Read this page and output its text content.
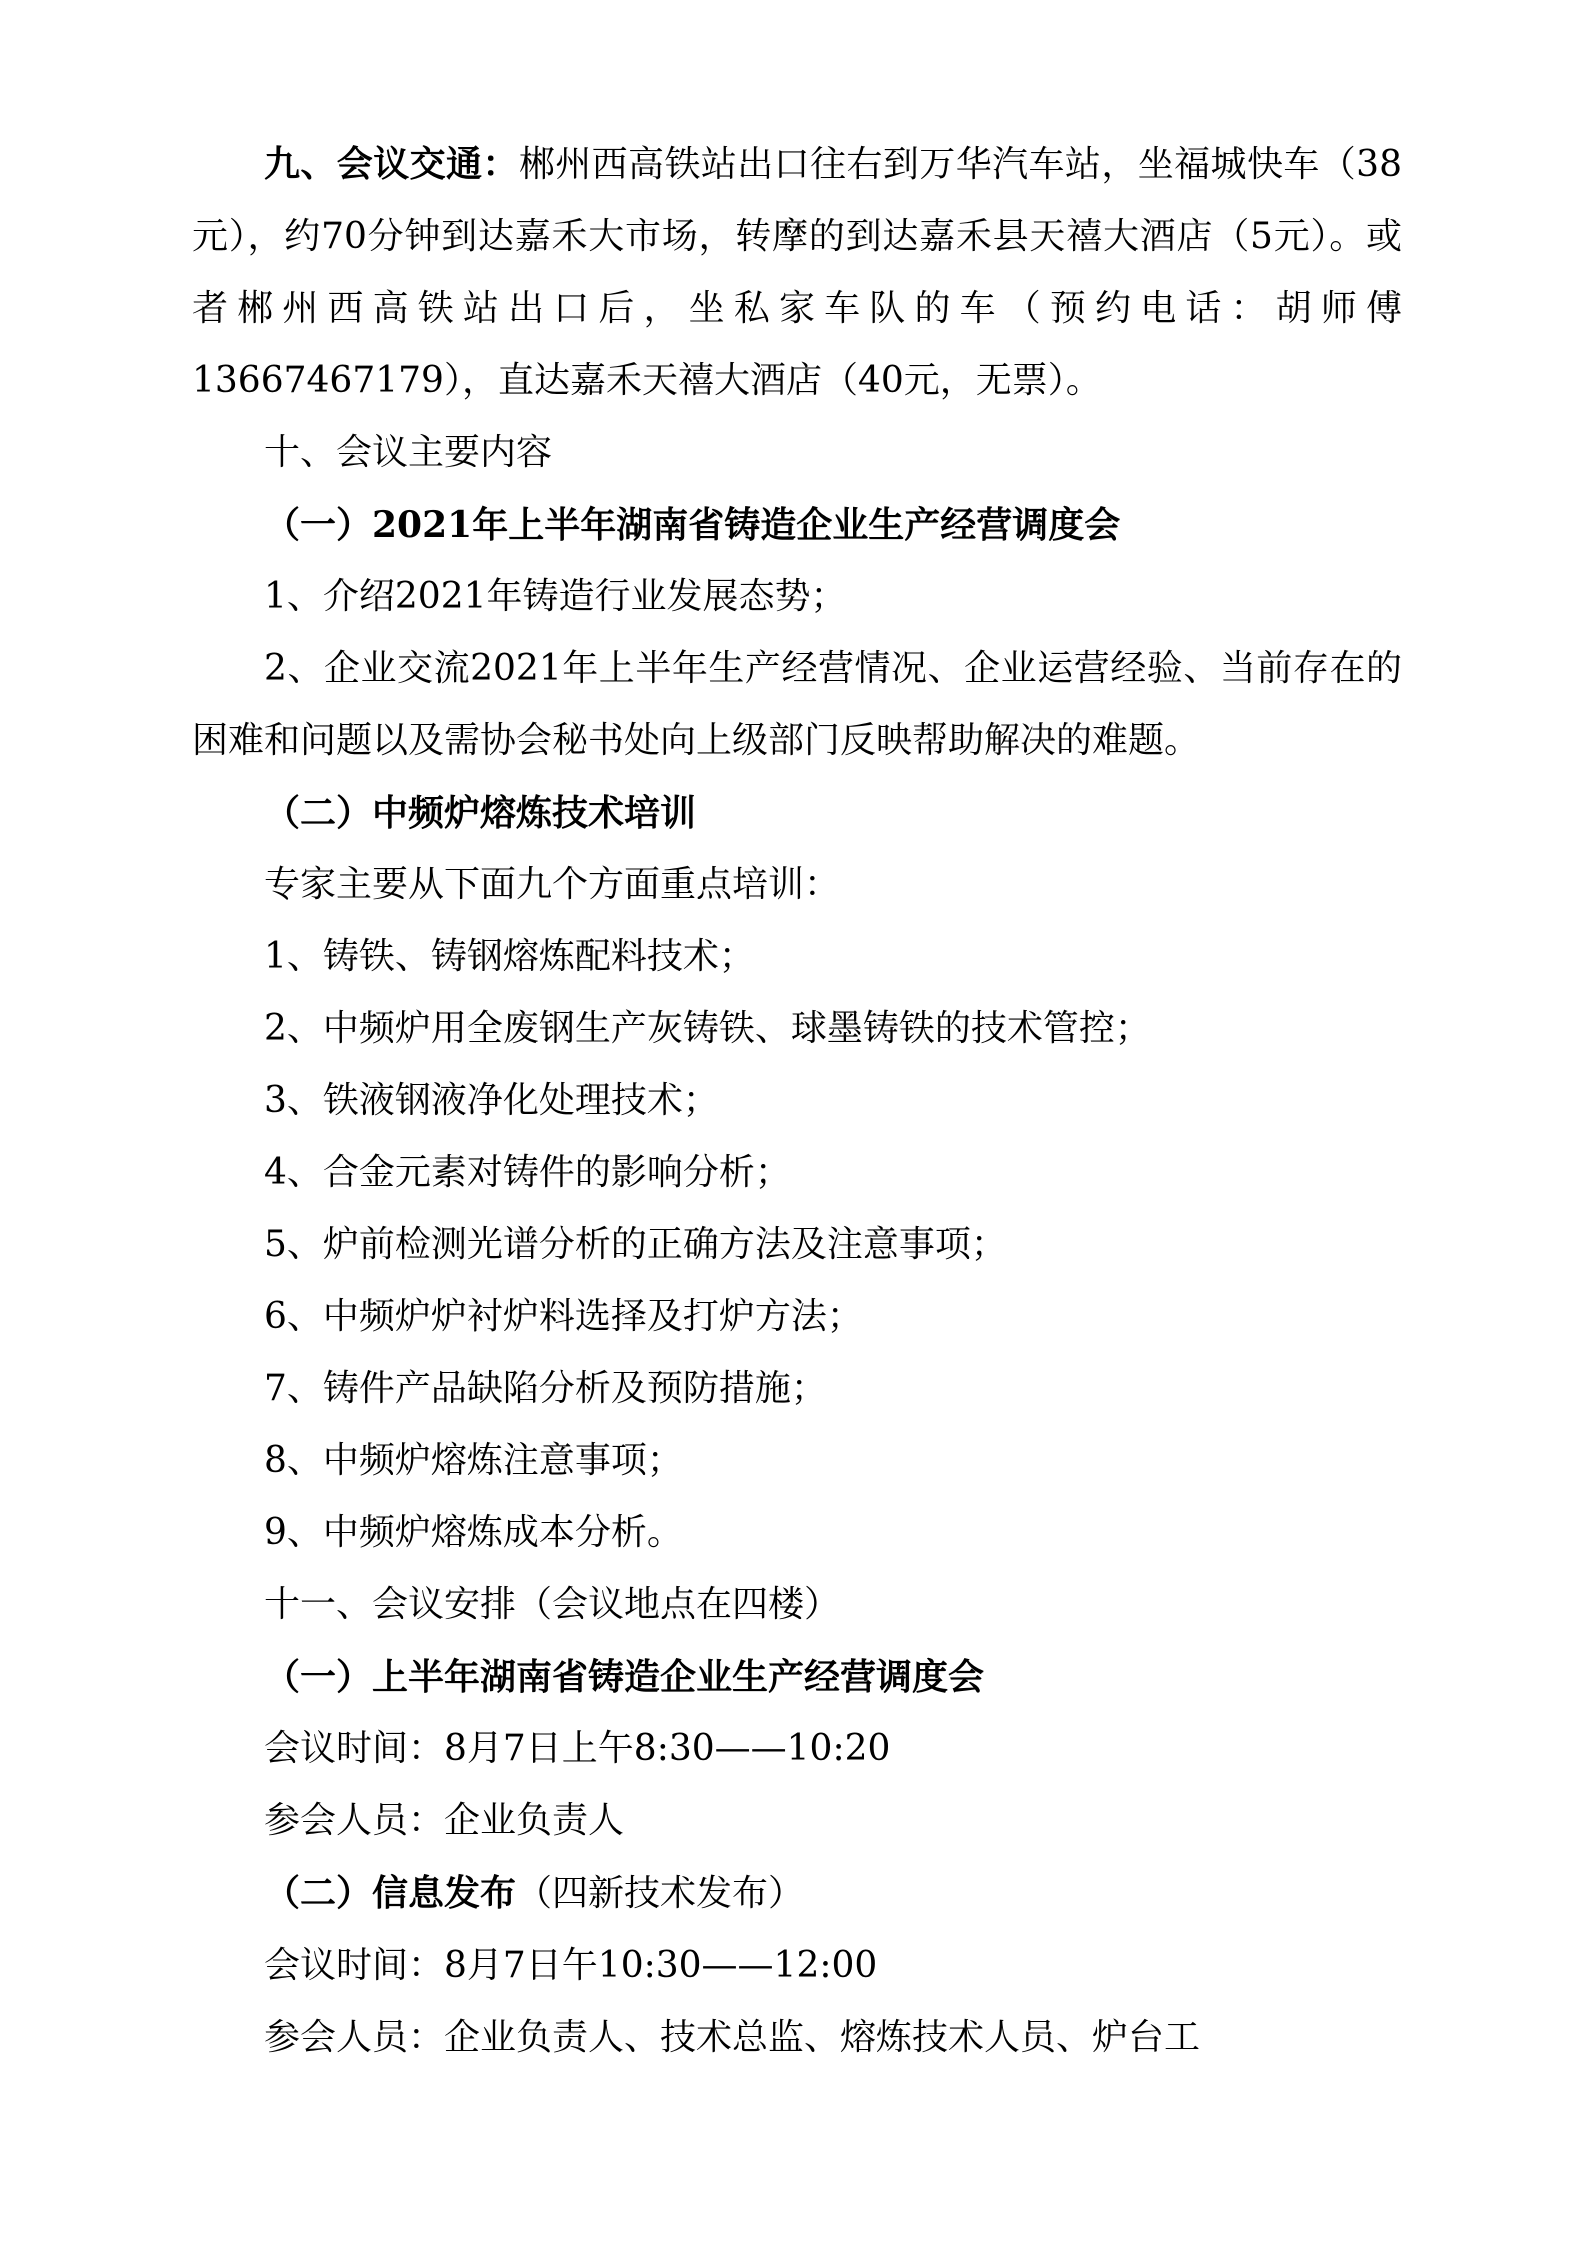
九、会议交通：郴州西高铁站出口往右到万华汽车站，坐福城快车（38元），约70分钟到达嘉禾大市场，转摩的到达嘉禾县天禧大酒店（5元）。或者郴州西高铁站出口后，坐私家车队的车（预约电话：胡师傅13667467179），直达嘉禾天禧大酒店（40元，无票）。

十、会议主要内容

（一）2021年上半年湖南省铸造企业生产经营调度会

1、介绍2021年铸造行业发展态势；

2、企业交流2021年上半年生产经营情况、企业运营经验、当前存在的困难和问题以及需协会秘书处向上级部门反映帮助解决的难题。

（二）中频炉熔炼技术培训

专家主要从下面九个方面重点培训：

1、铸铁、铸钢熔炼配料技术；

2、中频炉用全废钢生产灰铸铁、球墨铸铁的技术管控；

3、铁液钢液净化处理技术；

4、合金元素对铸件的影响分析；

5、炉前检测光谱分析的正确方法及注意事项；

6、中频炉炉衬炉料选择及打炉方法；

7、铸件产品缺陷分析及预防措施；

8、中频炉熔炼注意事项；

9、中频炉熔炼成本分析。

十一、会议安排（会议地点在四楼）

（一）上半年湖南省铸造企业生产经营调度会

会议时间：8月7日上午8:30——10:20

参会人员：企业负责人

（二）信息发布（四新技术发布）

会议时间：8月7日午10:30——12:00

参会人员：企业负责人、技术总监、熔炼技术人员、炉台工
